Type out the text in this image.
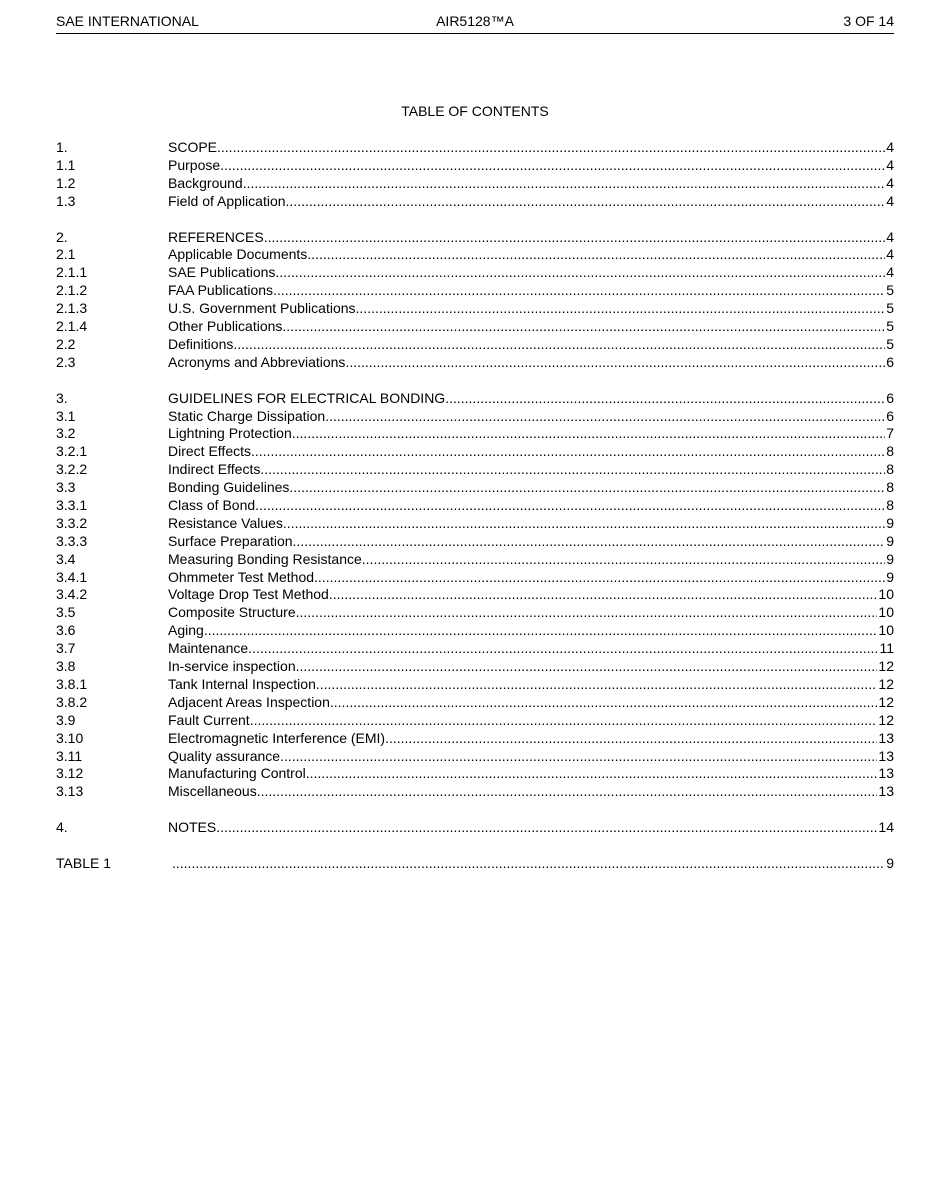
SAE INTERNATIONAL	AIR5128™A	3 OF 14
TABLE OF CONTENTS
1.	SCOPE .....	4
1.1	Purpose .....	4
1.2	Background .....	4
1.3	Field of Application .....	4
2.	REFERENCES .....	4
2.1	Applicable Documents .....	4
2.1.1	SAE Publications .....	4
2.1.2	FAA Publications .....	5
2.1.3	U.S. Government Publications .....	5
2.1.4	Other Publications .....	5
2.2	Definitions .....	5
2.3	Acronyms and Abbreviations .....	6
3.	GUIDELINES FOR ELECTRICAL BONDING .....	6
3.1	Static Charge Dissipation .....	6
3.2	Lightning Protection .....	7
3.2.1	Direct Effects .....	8
3.2.2	Indirect Effects .....	8
3.3	Bonding Guidelines .....	8
3.3.1	Class of Bond .....	8
3.3.2	Resistance Values .....	9
3.3.3	Surface Preparation .....	9
3.4	Measuring Bonding Resistance .....	9
3.4.1	Ohmmeter Test Method .....	9
3.4.2	Voltage Drop Test Method .....	10
3.5	Composite Structure .....	10
3.6	Aging .....	10
3.7	Maintenance .....	11
3.8	In-service inspection .....	12
3.8.1	Tank Internal Inspection .....	12
3.8.2	Adjacent Areas Inspection .....	12
3.9	Fault Current .....	12
3.10	Electromagnetic Interference (EMI) .....	13
3.11	Quality assurance .....	13
3.12	Manufacturing Control .....	13
3.13	Miscellaneous .....	13
4.	NOTES .....	14
TABLE 1 .....	9
